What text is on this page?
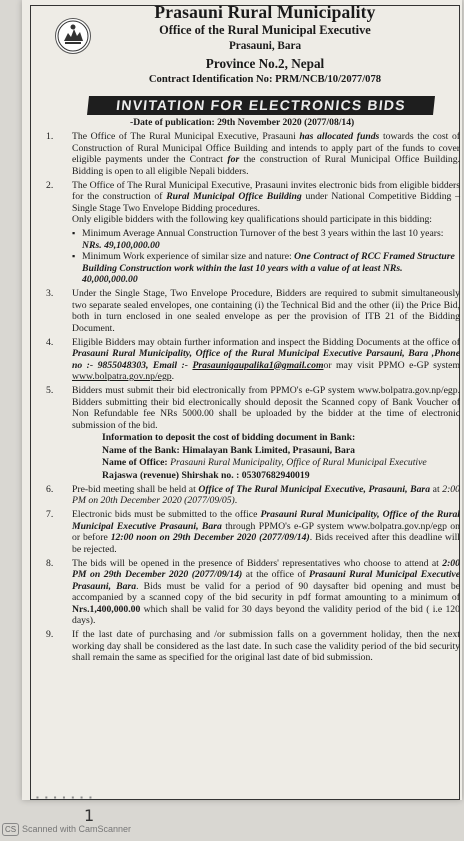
Prasauni Rural Municipality
Office of the Rural Municipal Executive
Prasauni, Bara
Province No.2, Nepal
Contract Identification No: PRM/NCB/10/2077/078
INVITATION FOR ELECTRONICS BIDS
-Date of publication: 29th November 2020 (2077/08/14)
1. The Office of The Rural Municipal Executive, Prasauni has allocated funds towards the cost of Construction of Rural Municipal Office Building and intends to apply part of the funds to cover eligible payments under the Contract for the construction of Rural Municipal Office Building. Bidding is open to all eligible Nepali bidders.
2. The Office of The Rural Municipal Executive, Prasauni invites electronic bids from eligible bidders for the construction of Rural Municipal Office Building under National Competitive Bidding – Single Stage Two Envelope Bidding procedures.
Only eligible bidders with the following key qualifications should participate in this bidding:
▪ Minimum Average Annual Construction Turnover of the best 3 years within the last 10 years: NRs. 49,100,000.00
▪ Minimum Work experience of similar size and nature: One Contract of RCC Framed Structure Building Construction work within the last 10 years with a value of at least NRs. 40,000,000.00
3. Under the Single Stage, Two Envelope Procedure, Bidders are required to submit simultaneously two separate sealed envelopes, one containing (i) the Technical Bid and the other (ii) the Price Bid, both in turn enclosed in one sealed envelope as per the provision of ITB 21 of the Bidding Document.
4. Eligible Bidders may obtain further information and inspect the Bidding Documents at the office of Prasauni Rural Municipality, Office of the Rural Municipal Executive Parsauni, Bara ,Phone no :- 9855048303, Email :- Prasaunigaupalika1@gmail.comor may visit PPMO e-GP system www.bolpatra.gov.np/egp.
5. Bidders must submit their bid electronically from PPMO's e-GP system www.bolpatra.gov.np/egp. Bidders submitting their bid electronically should deposit the Scanned copy of Bank Voucher of Non Refundable fee NRs 5000.00 shall be uploaded by the bidder at the time of electronic submission of the bid.
Information to deposit the cost of bidding document in Bank:
Name of the Bank: Himalayan Bank Limited, Prasauni, Bara
Name of Office: Prasauni Rural Municipality, Office of Rural Municipal Executive
Rajaswa (revenue) Shirshak no. : 05307682940019
6. Pre-bid meeting shall be held at Office of The Rural Municipal Executive, Prasauni, Bara at 2:00 PM on 20th December 2020 (2077/09/05).
7. Electronic bids must be submitted to the office Prasauni Rural Municipality, Office of the Rural Municipal Executive Prasauni, Bara through PPMO's e-GP system www.bolpatra.gov.np/egp on or before 12:00 noon on 29th December 2020 (2077/09/14). Bids received after this deadline will be rejected.
8. The bids will be opened in the presence of Bidders' representatives who choose to attend at 2:00 PM on 29th December 2020 (2077/09/14) at the office of Prasauni Rural Municipal Executive Prasauni, Bara. Bids must be valid for a period of 90 daysafter bid opening and must be accompanied by a scanned copy of the bid security in pdf format amounting to a minimum of Nrs.1,400,000.00 which shall be valid for 30 days beyond the validity period of the bid ( i.e 120 days).
9. If the last date of purchasing and /or submission falls on a government holiday, then the next working day shall be considered as the last date. In such case the validity period of the bid security shall remain the same as specified for the original last date of bid submission.
▪ ▪ ▪ ▪ ▪ ▪ ▪
1
CS Scanned with CamScanner
